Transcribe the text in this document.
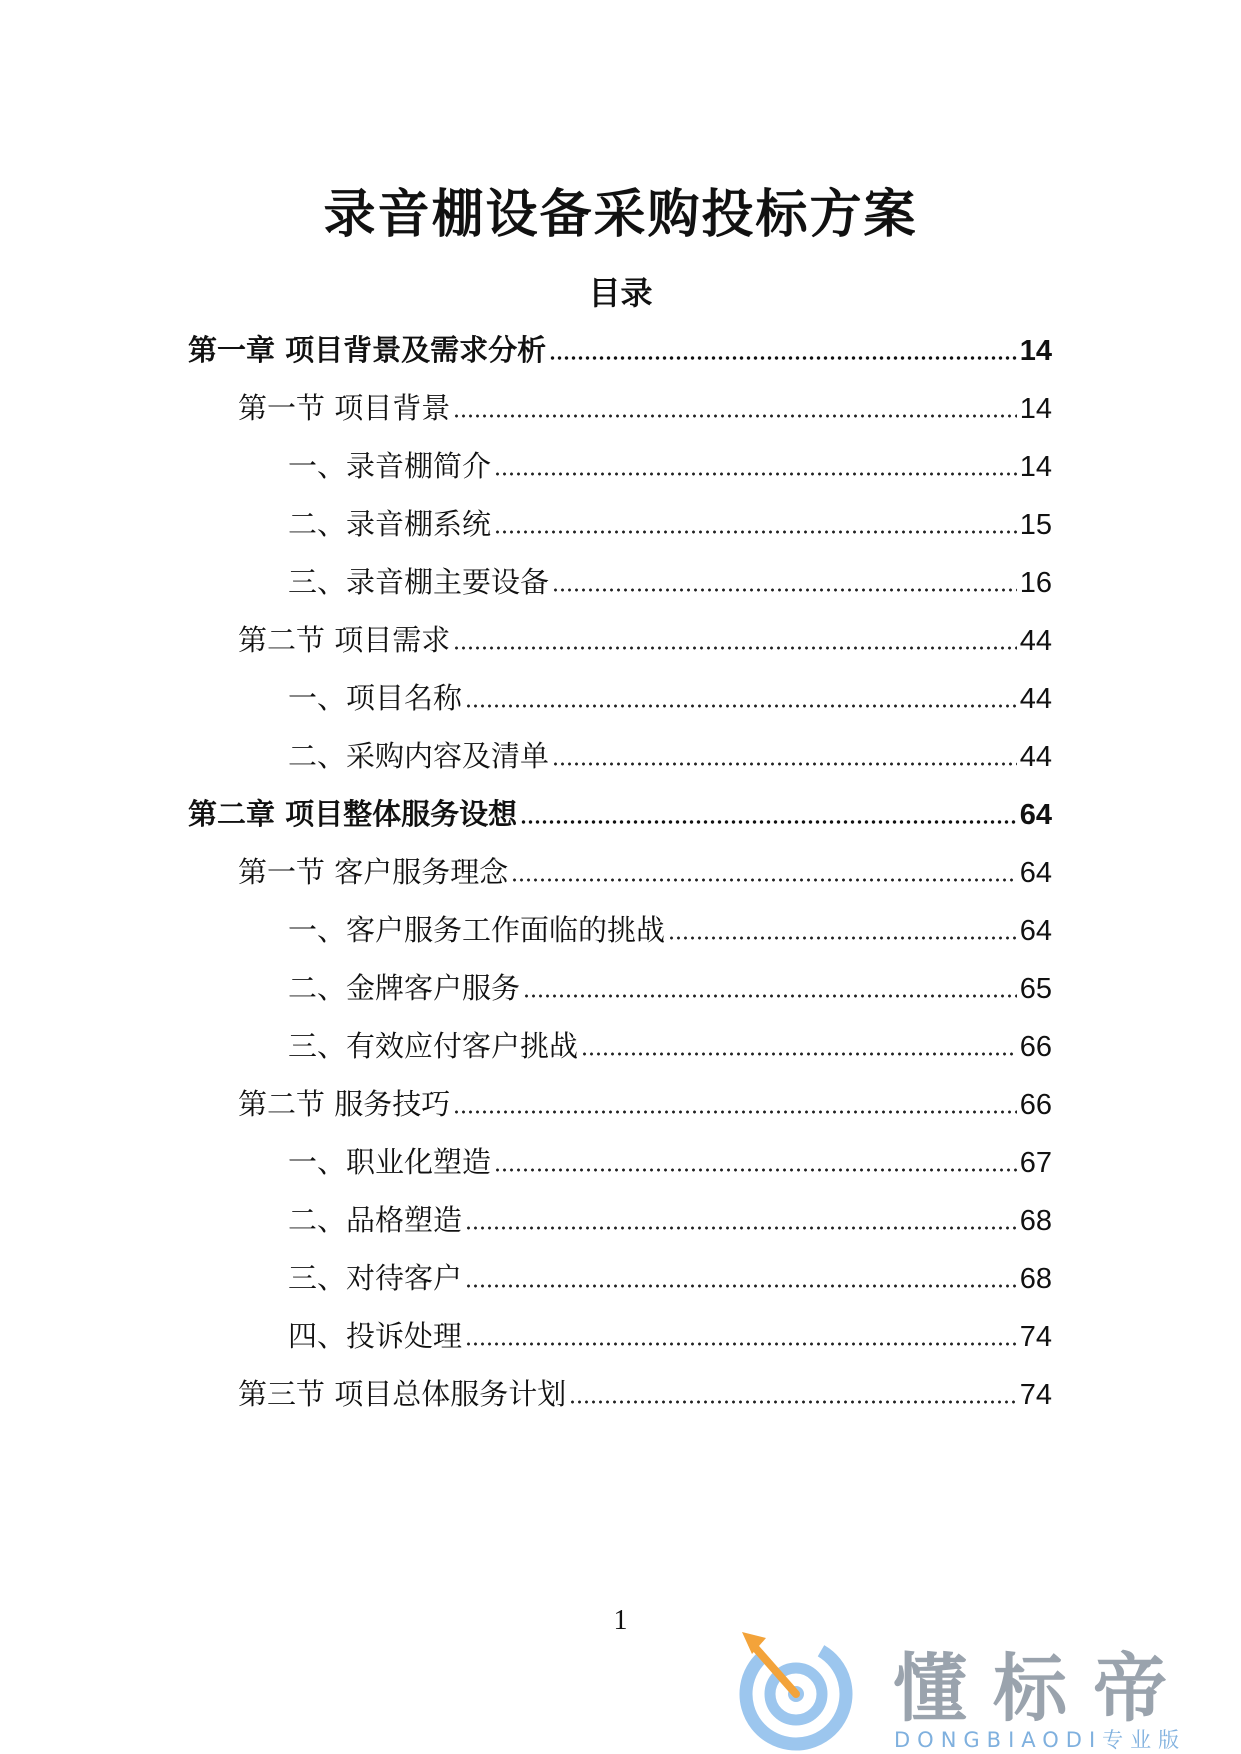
录音棚设备采购投标方案
目录
第一章 项目背景及需求分析	14
第一节 项目背景	14
一、录音棚简介	14
二、录音棚系统	15
三、录音棚主要设备	16
第二节 项目需求	44
一、项目名称	44
二、采购内容及清单	44
第二章 项目整体服务设想	64
第一节 客户服务理念	64
一、客户服务工作面临的挑战	64
二、金牌客户服务	65
三、有效应付客户挑战	66
第二节 服务技巧	66
一、职业化塑造	67
二、品格塑造	68
三、对待客户	68
四、投诉处理	74
第三节 项目总体服务计划	74
1
懂标帝
DONGBIAODI专业版
